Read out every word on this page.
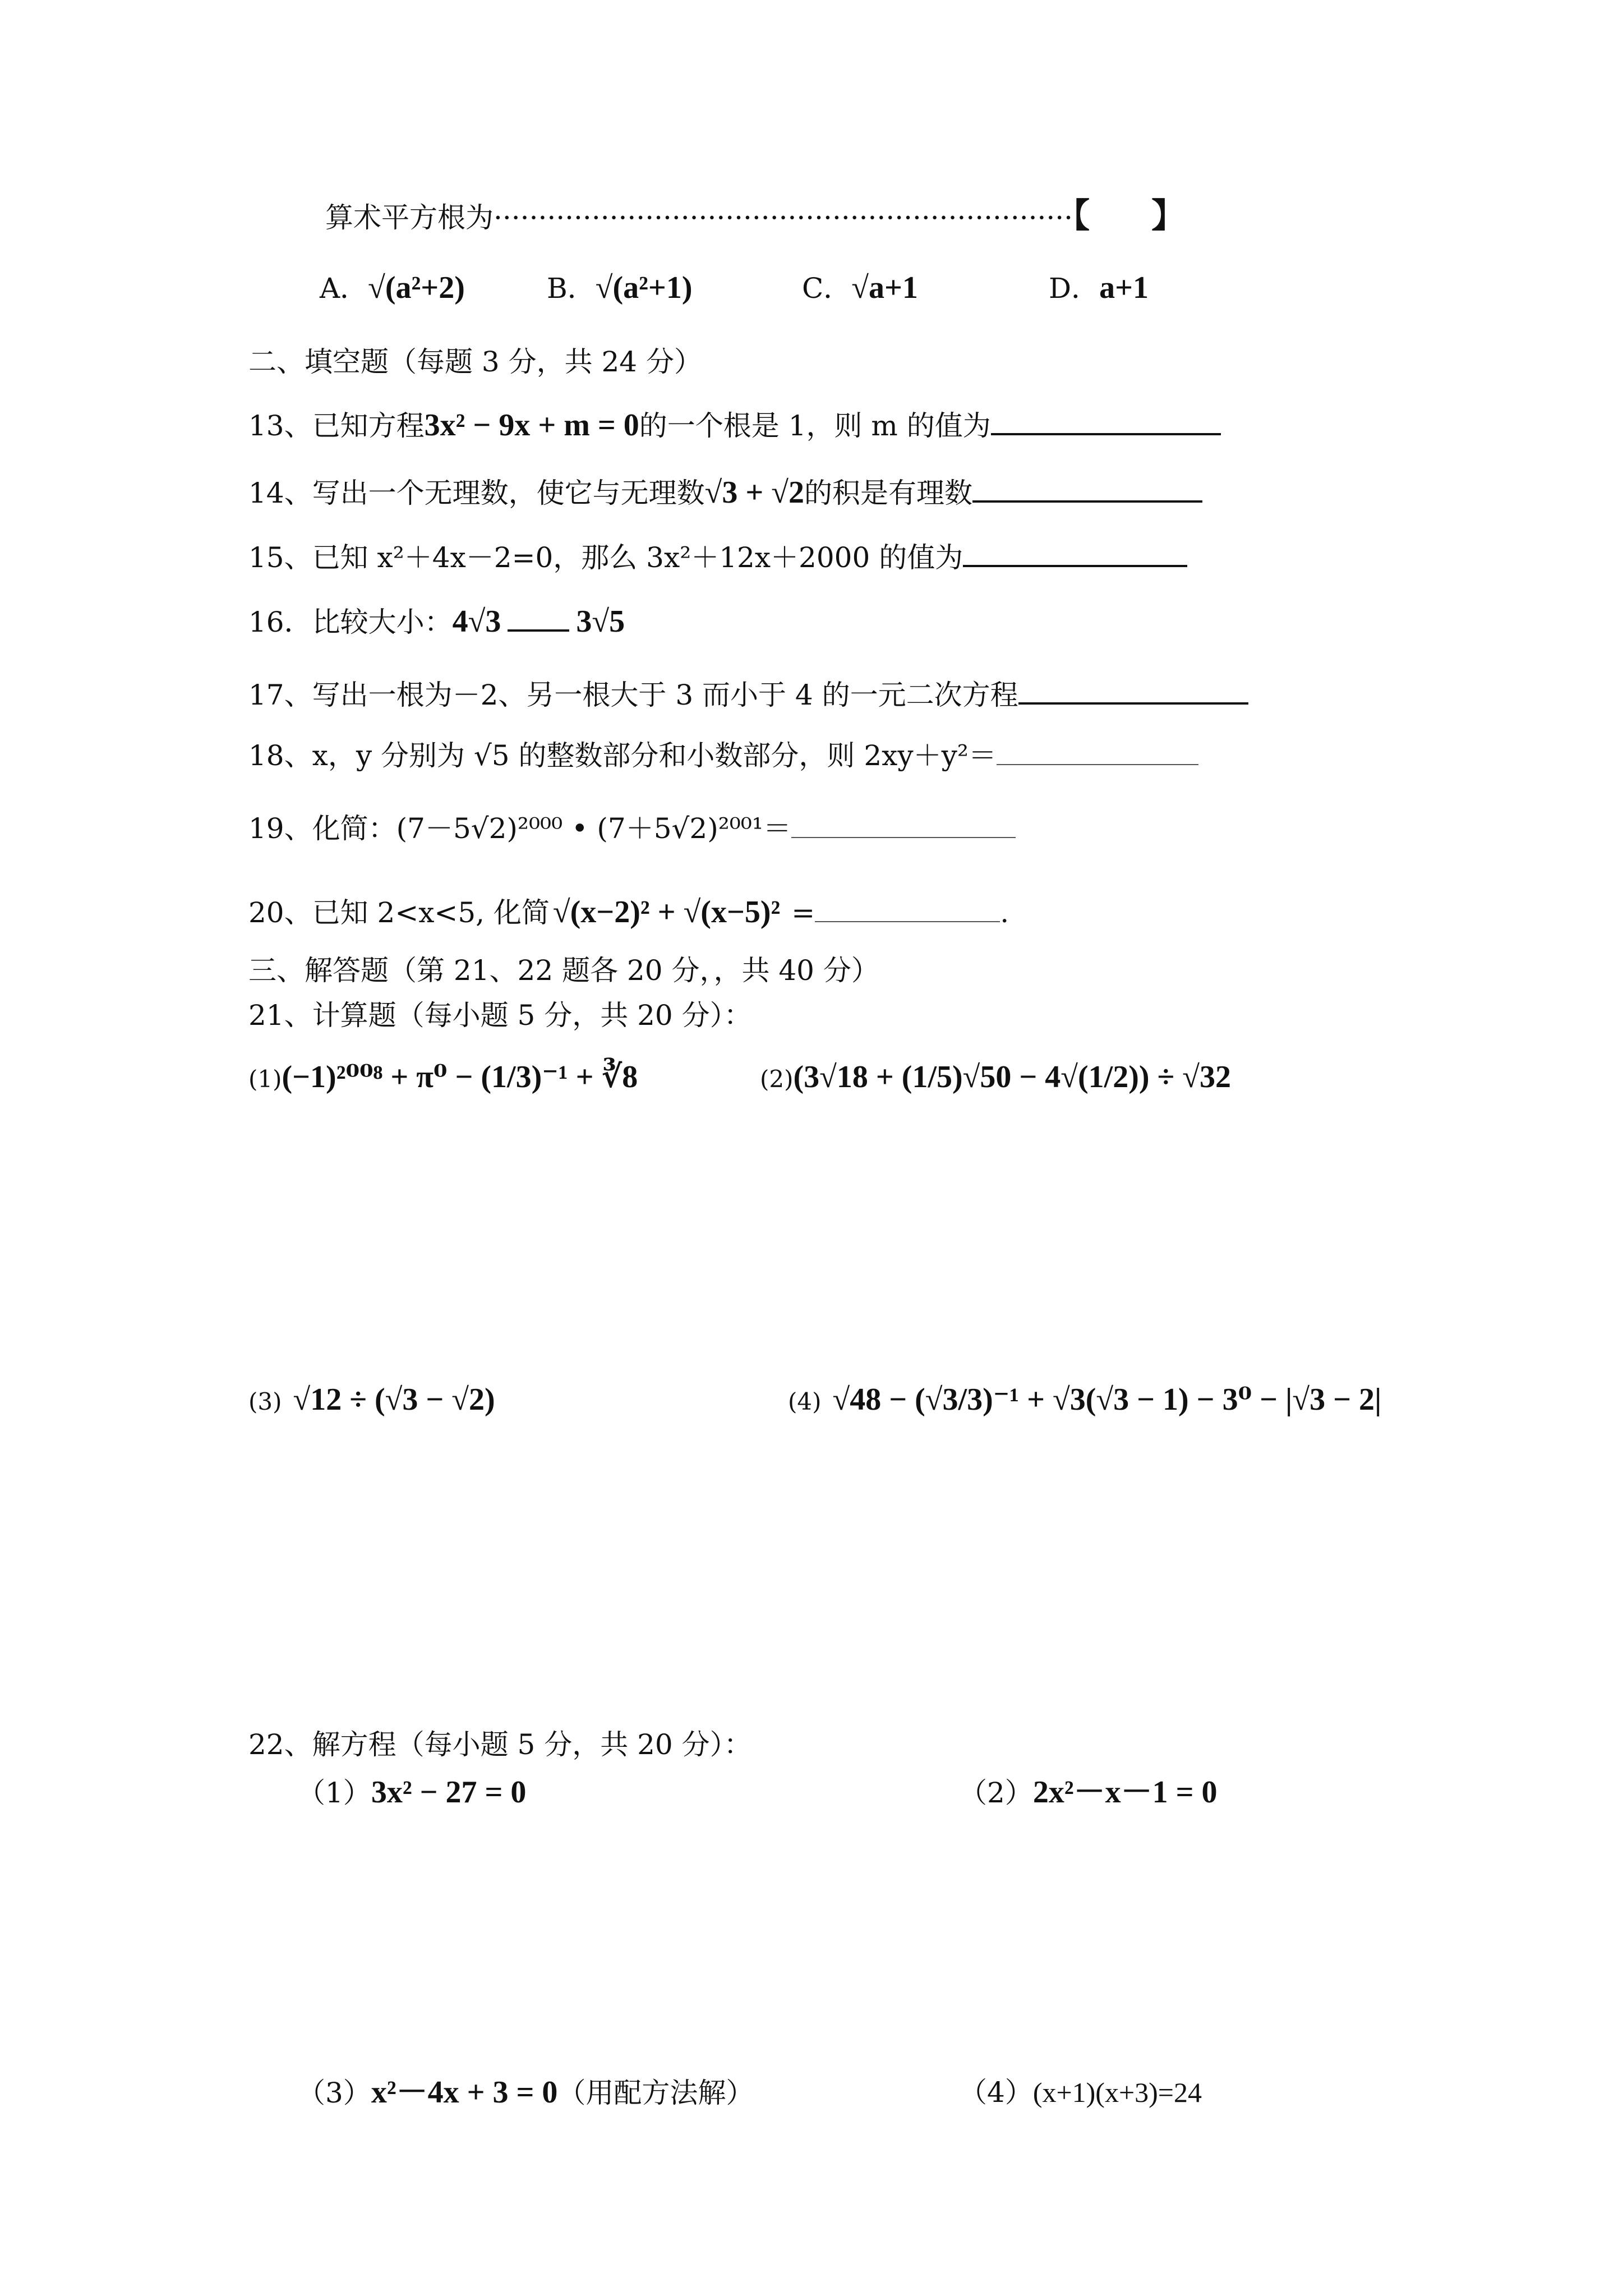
算术平方根为·································································【 】
A．√(a²+2)	B．√(a²+1)	C．√a+1	D．a+1
二、填空题（每题 3 分，共 24 分）
13、已知方程3x² − 9x + m = 0的一个根是 1，则 m 的值为
14、写出一个无理数，使它与无理数√3 + √2的积是有理数
15、已知 x²＋4x－2=0，那么 3x²＋12x＋2000 的值为
16．比较大小：4√3 3√5
17、写出一根为－2、另一根大于 3 而小于 4 的一元二次方程
18、x，y 分别为 √5 的整数部分和小数部分，则 2xy＋y²＝
19、化简：(7－5√2)²⁰⁰⁰ • (7＋5√2)²⁰⁰¹＝
20、已知 2<x<5, 化简 √(x−2)² + √(x−5)² =	.
三、解答题（第 21、22 题各 20 分，，共 40 分）
21、计算题（每小题 5 分，共 20 分）：
(1)(−1)²⁰⁰⁸ + π⁰ − (1/3)⁻¹ + ∛8	(2)(3√18 + (1/5)√50 − 4√(1/2)) ÷ √32
(3) √12 ÷ (√3 − √2)	(4) √48 − (√3/3)⁻¹ + √3(√3 − 1) − 3⁰ − |√3 − 2|
22、解方程（每小题 5 分，共 20 分）：
（1）3x² − 27 = 0	（2）2x²－x－1 = 0
（3）x²－4x + 3 = 0（用配方法解）	（4）(x+1)(x+3)=24
